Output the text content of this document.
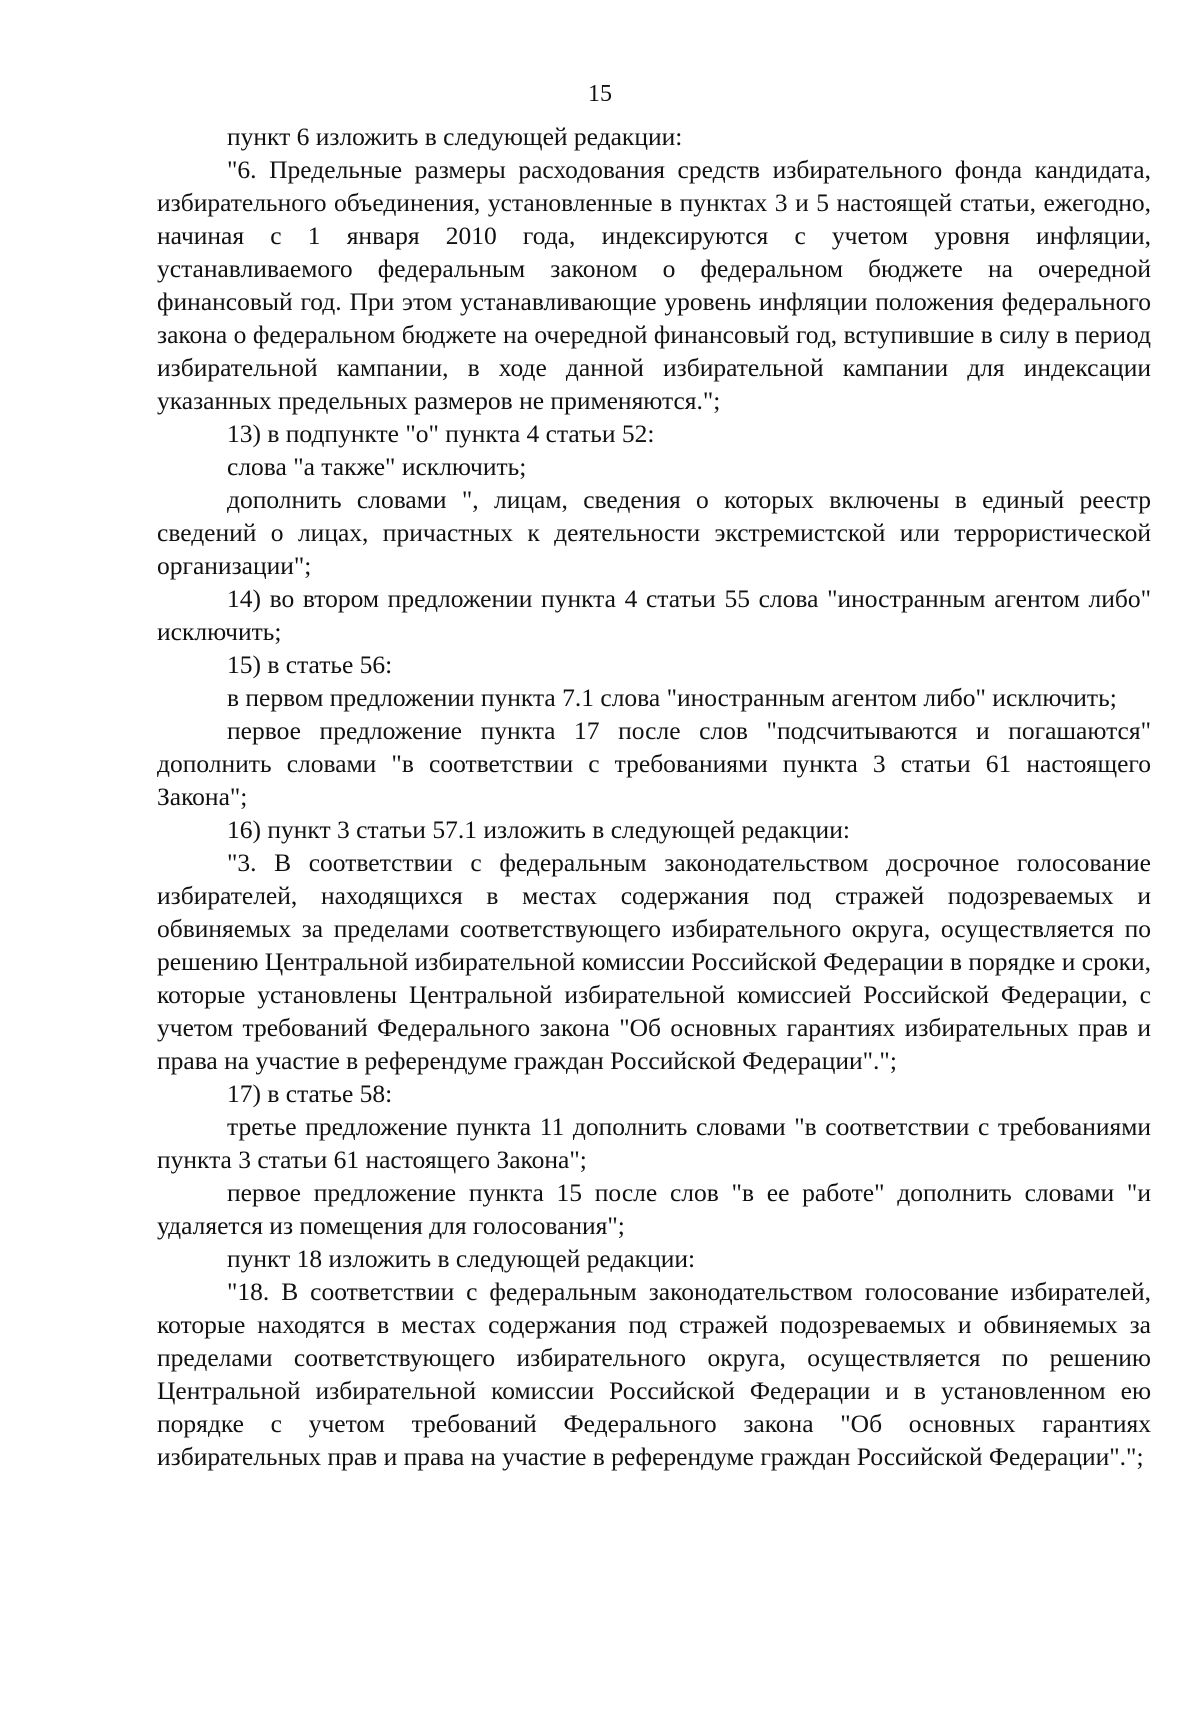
15

пункт 6 изложить в следующей редакции:

"6. Предельные размеры расходования средств избирательного фонда кандидата, избирательного объединения, установленные в пунктах 3 и 5 настоящей статьи, ежегодно, начиная с 1 января 2010 года, индексируются с учетом уровня инфляции, устанавливаемого федеральным законом о федеральном бюджете на очередной финансовый год. При этом устанавливающие уровень инфляции положения федерального закона о федеральном бюджете на очередной финансовый год, вступившие в силу в период избирательной кампании, в ходе данной избирательной кампании для индексации указанных предельных размеров не применяются.";

13) в подпункте "о" пункта 4 статьи 52:

слова "а также" исключить;

дополнить словами ", лицам, сведения о которых включены в единый реестр сведений о лицах, причастных к деятельности экстремистской или террористической организации";

14) во втором предложении пункта 4 статьи 55 слова "иностранным агентом либо" исключить;

15) в статье 56:

в первом предложении пункта 7.1 слова "иностранным агентом либо" исключить;

первое предложение пункта 17 после слов "подсчитываются и погашаются" дополнить словами "в соответствии с требованиями пункта 3 статьи 61 настоящего Закона";

16) пункт 3 статьи 57.1 изложить в следующей редакции:

"3. В соответствии с федеральным законодательством досрочное голосование избирателей, находящихся в местах содержания под стражей подозреваемых и обвиняемых за пределами соответствующего избирательного округа, осуществляется по решению Центральной избирательной комиссии Российской Федерации в порядке и сроки, которые установлены Центральной избирательной комиссией Российской Федерации, с учетом требований Федерального закона "Об основных гарантиях избирательных прав и права на участие в референдуме граждан Российской Федерации".";

17) в статье 58:

третье предложение пункта 11 дополнить словами "в соответствии с требованиями пункта 3 статьи 61 настоящего Закона";

первое предложение пункта 15 после слов "в ее работе" дополнить словами "и удаляется из помещения для голосования";

пункт 18 изложить в следующей редакции:

"18. В соответствии с федеральным законодательством голосование избирателей, которые находятся в местах содержания под стражей подозреваемых и обвиняемых за пределами соответствующего избирательного округа, осуществляется по решению Центральной избирательной комиссии Российской Федерации и в установленном ею порядке с учетом требований Федерального закона "Об основных гарантиях избирательных прав и права на участие в референдуме граждан Российской Федерации".";
